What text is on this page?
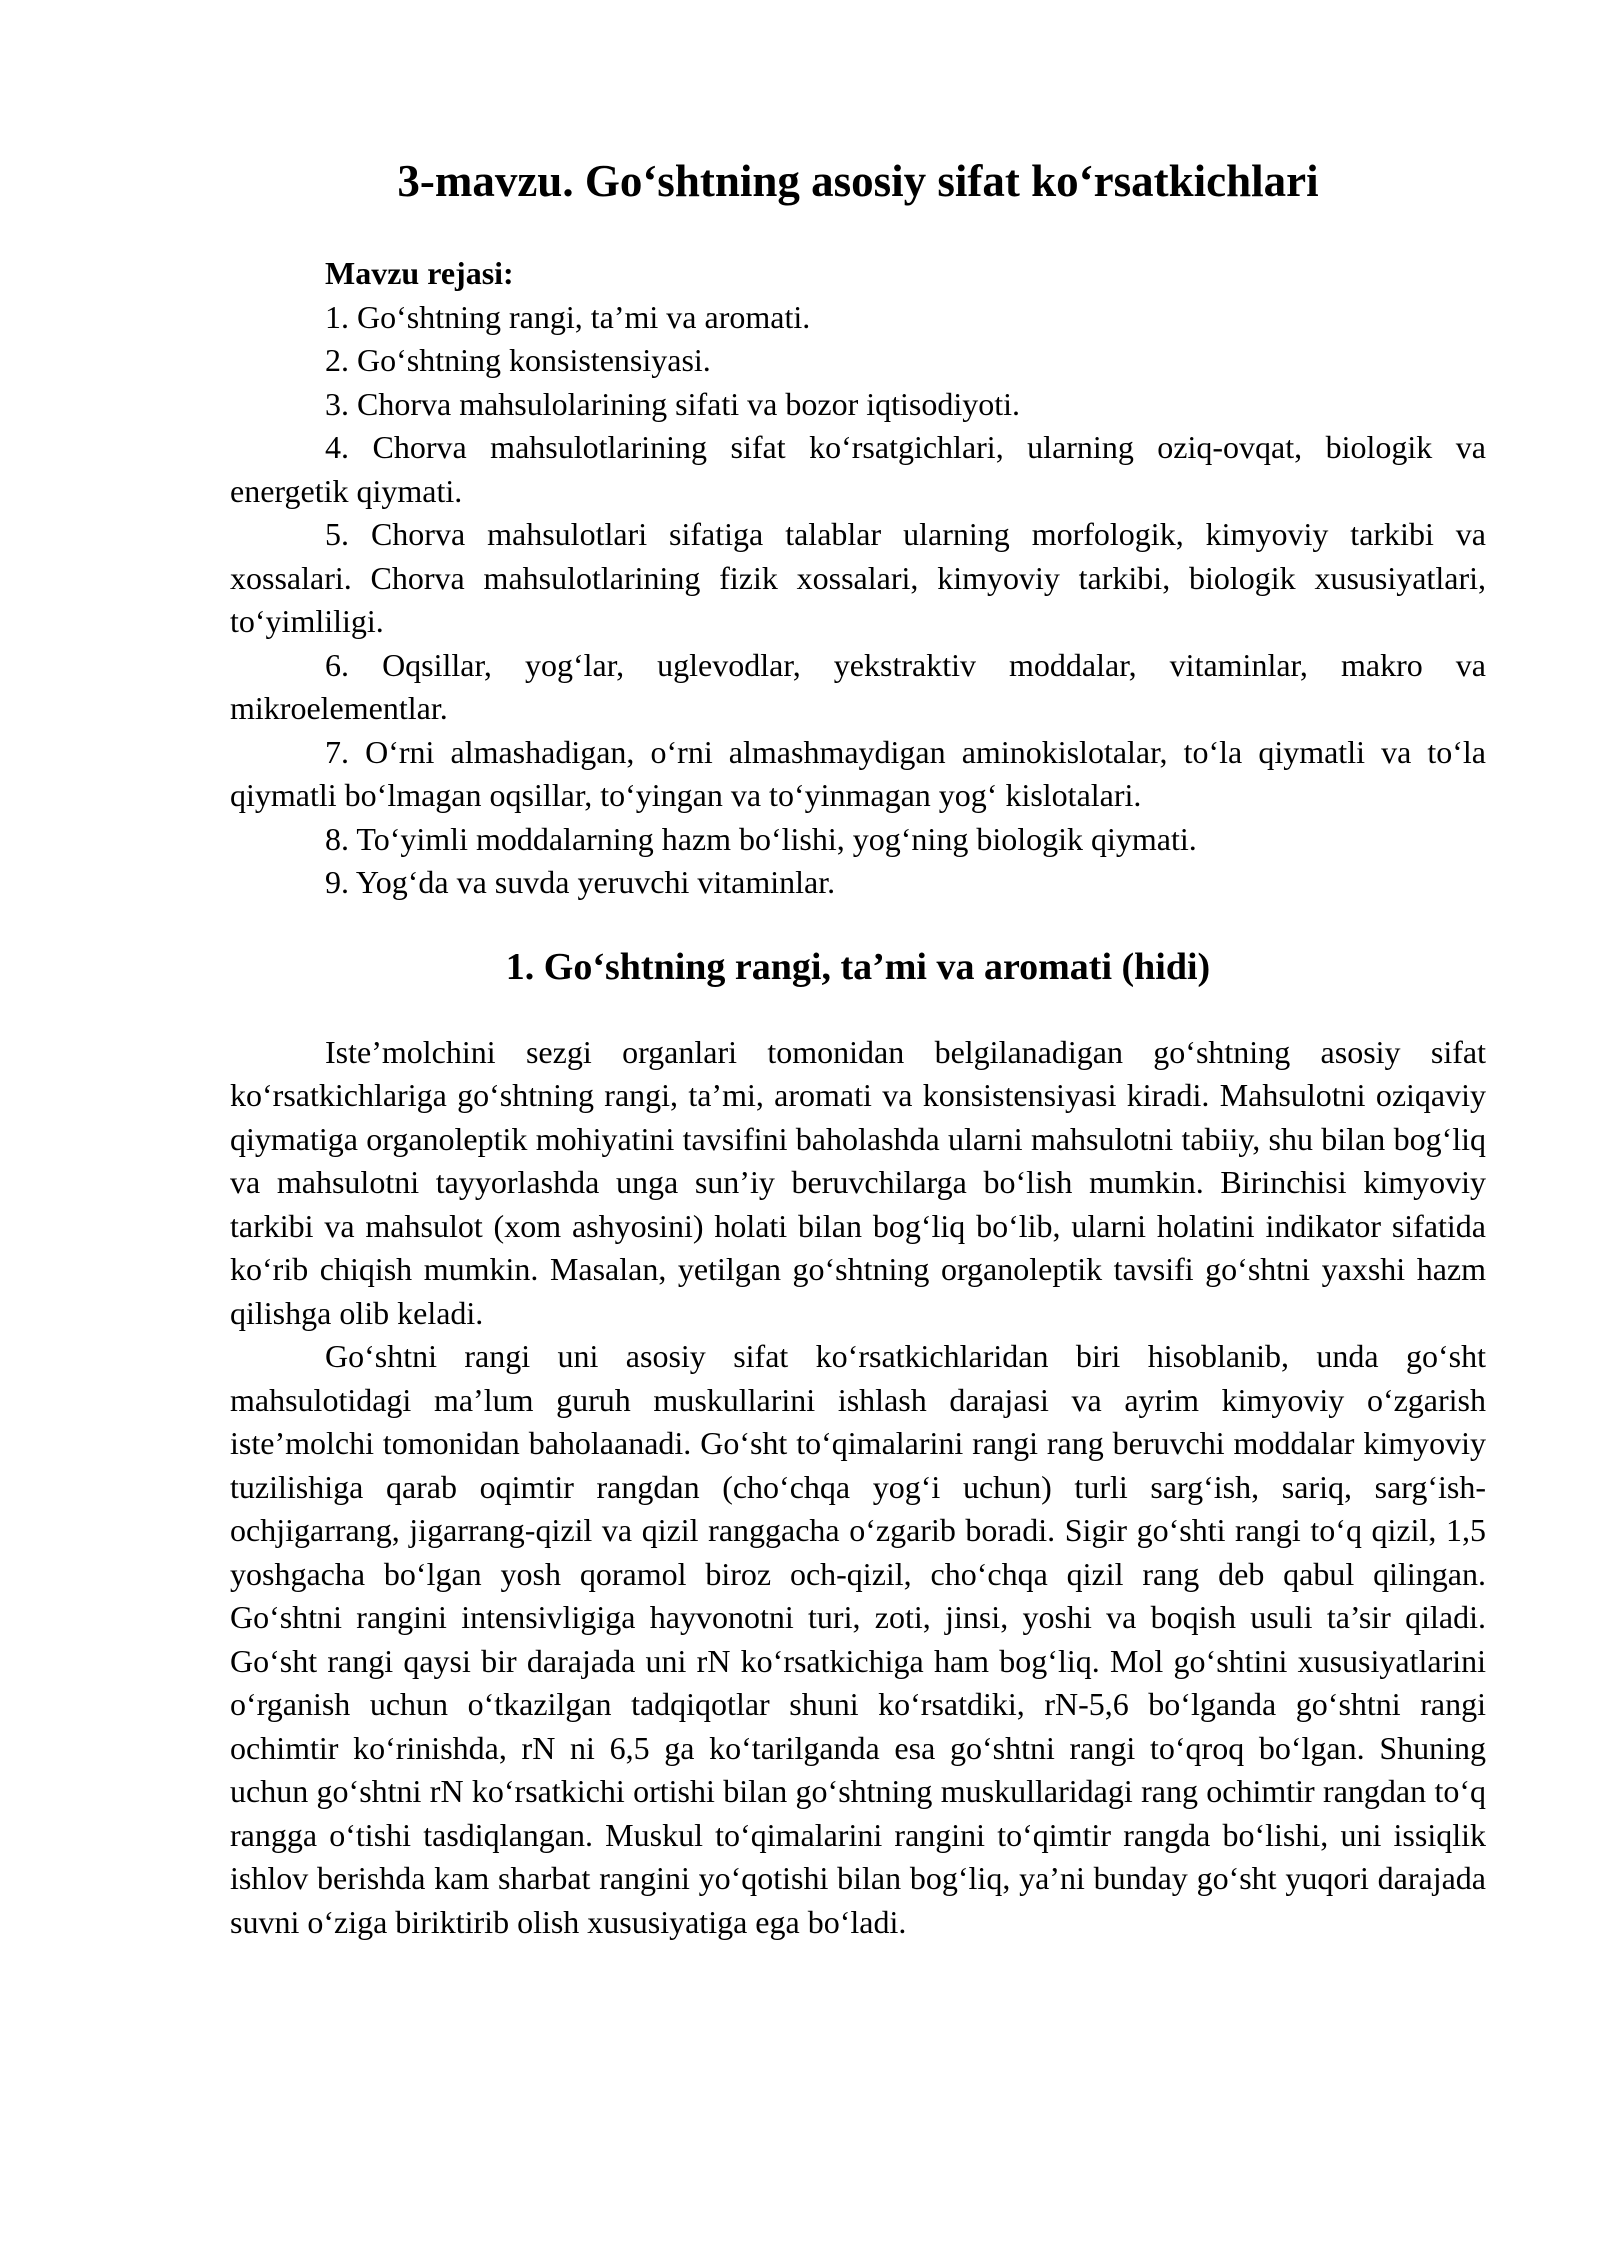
3-mavzu. Go‘shtning asosiy sifat ko‘rsatkichlari

Mavzu rejasi:

1. Go‘shtning rangi, ta’mi va aromati.
2. Go‘shtning konsistensiyasi.
3. Chorva mahsulolarining sifati va bozor iqtisodiyoti.
4. Chorva mahsulotlarining sifat ko‘rsatgichlari, ularning oziq-ovqat, biologik va energetik qiymati.
5. Chorva mahsulotlari sifatiga talablar ularning morfologik, kimyoviy tarkibi va xossalari. Chorva mahsulotlarining fizik xossalari, kimyoviy tarkibi, biologik xususiyatlari, to‘yimliligi.
6. Oqsillar, yog‘lar, uglevodlar, yekstraktiv moddalar, vitaminlar, makro va mikroelementlar.
7. O‘rni almashadigan, o‘rni almashmaydigan aminokislotalar, to‘la qiymatli va to‘la qiymatli bo‘lmagan oqsillar, to‘yingan va to‘yinmagan yog‘ kislotalari.
8. To‘yimli moddalarning hazm bo‘lishi, yog‘ning biologik qiymati.
9. Yog‘da va suvda yeruvchi vitaminlar.
1. Go‘shtning rangi, ta’mi va aromati (hidi)

Iste’molchini sezgi organlari tomonidan belgilanadigan go‘shtning asosiy sifat ko‘rsatkichlariga go‘shtning rangi, ta’mi, aromati va konsistensiyasi kiradi. Mahsulotni oziqaviy qiymatiga organoleptik mohiyatini tavsifini baholashda ularni mahsulotni tabiiy, shu bilan bog‘liq va mahsulotni tayyorlashda unga sun’iy beruvchilarga bo‘lish mumkin. Birinchisi kimyoviy tarkibi va mahsulot (xom ashyosini) holati bilan bog‘liq bo‘lib, ularni holatini indikator sifatida ko‘rib chiqish mumkin. Masalan, yetilgan go‘shtning organoleptik tavsifi go‘shtni yaxshi hazm qilishga olib keladi.

Go‘shtni rangi uni asosiy sifat ko‘rsatkichlaridan biri hisoblanib, unda go‘sht mahsulotidagi ma’lum guruh muskullarini ishlash darajasi va ayrim kimyoviy o‘zgarish iste’molchi tomonidan baholaanadi. Go‘sht to‘qimalarini rangi rang beruvchi moddalar kimyoviy tuzilishiga qarab oqimtir rangdan (cho‘chqa yog‘i uchun) turli sarg‘ish, sariq, sarg‘ish-ochjigarrang, jigarrang-qizil va qizil ranggacha o‘zgarib boradi. Sigir go‘shti rangi to‘q qizil, 1,5 yoshgacha bo‘lgan yosh qoramol biroz och-qizil, cho‘chqa qizil rang deb qabul qilingan. Go‘shtni rangini intensivligiga hayvonotni turi, zoti, jinsi, yoshi va boqish usuli ta’sir qiladi. Go‘sht rangi qaysi bir darajada uni rN ko‘rsatkichiga ham bog‘liq. Mol go‘shtini xususiyatlarini o‘rganish uchun o‘tkazilgan tadqiqotlar shuni ko‘rsatdiki, rN-5,6 bo‘lganda go‘shtni rangi ochimtir ko‘rinishda, rN ni 6,5 ga ko‘tarilganda esa go‘shtni rangi to‘qroq bo‘lgan. Shuning uchun go‘shtni rN ko‘rsatkichi ortishi bilan go‘shtning muskullaridagi rang ochimtir rangdan to‘q rangga o‘tishi tasdiqlangan. Muskul to‘qimalarini rangini to‘qimtir rangda bo‘lishi, uni issiqlik ishlov berishda kam sharbat rangini yo‘qotishi bilan bog‘liq, ya’ni bunday go‘sht yuqori darajada suvni o‘ziga biriktirib olish xususiyatiga ega bo‘ladi.
